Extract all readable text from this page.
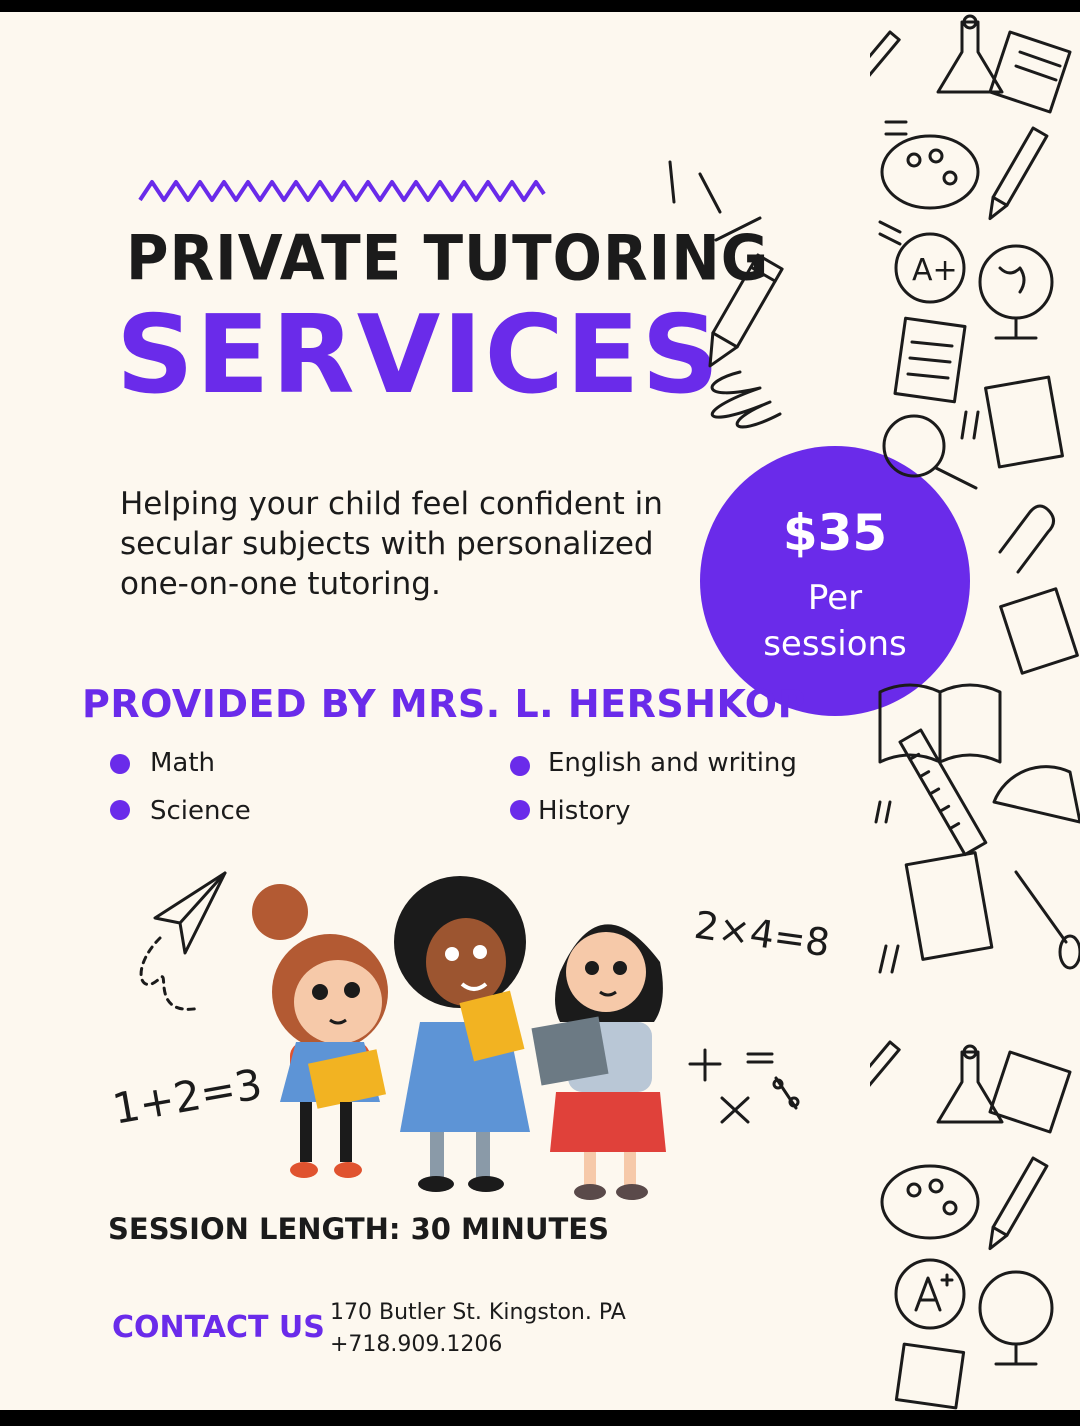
PRIVATE TUTORING
SERVICES
Helping your child feel confident in secular subjects with personalized one-on-one tutoring.
$35
Per
sessions
PROVIDED BY MRS. L. HERSHKOP
Math
Science
English and writing
History
2×4=8
1+2=3
SESSION LENGTH: 30 MINUTES
CONTACT US 170 Butler St. Kingston. PA
+718.909.1206
A+
